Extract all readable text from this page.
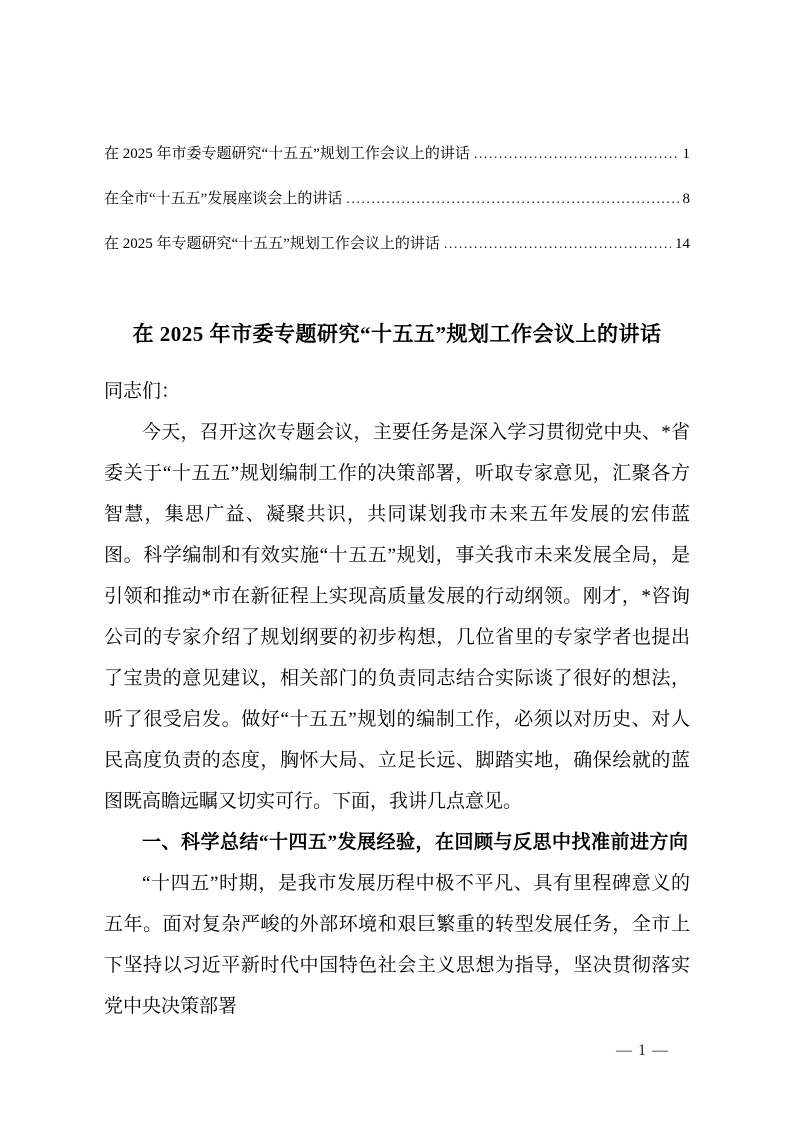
在 2025 年市委专题研究“十五五”规划工作会议上的讲话 .....	1
在全市“十五五”发展座谈会上的讲话 .....	8
在 2025 年专题研究“十五五”规划工作会议上的讲话 .....	14
在 2025 年市委专题研究“十五五”规划工作会议上的讲话
同志们：

今天，召开这次专题会议，主要任务是深入学习贯彻党中央、*省委关于“十五五”规划编制工作的决策部署，听取专家意见，汇聚各方智慧，集思广益、凝聚共识，共同谋划我市未来五年发展的宏伟蓝图。科学编制和有效实施“十五五”规划，事关我市未来发展全局，是引领和推动*市在新征程上实现高质量发展的行动纲领。刚才，*咨询公司的专家介绍了规划纲要的初步构想，几位省里的专家学者也提出了宝贵的意见建议，相关部门的负责同志结合实际谈了很好的想法，听了很受启发。做好“十五五”规划的编制工作，必须以对历史、对人民高度负责的态度，胸怀大局、立足长远、脚踏实地，确保绘就的蓝图既高瞻远瞩又切实可行。下面，我讲几点意见。

一、科学总结“十四五”发展经验，在回顾与反思中找准前进方向

“十四五”时期，是我市发展历程中极不平凡、具有里程碑意义的五年。面对复杂严峻的外部环境和艰巨繁重的转型发展任务，全市上下坚持以习近平新时代中国特色社会主义思想为指导，坚决贯彻落实党中央决策部署

— 1 —
